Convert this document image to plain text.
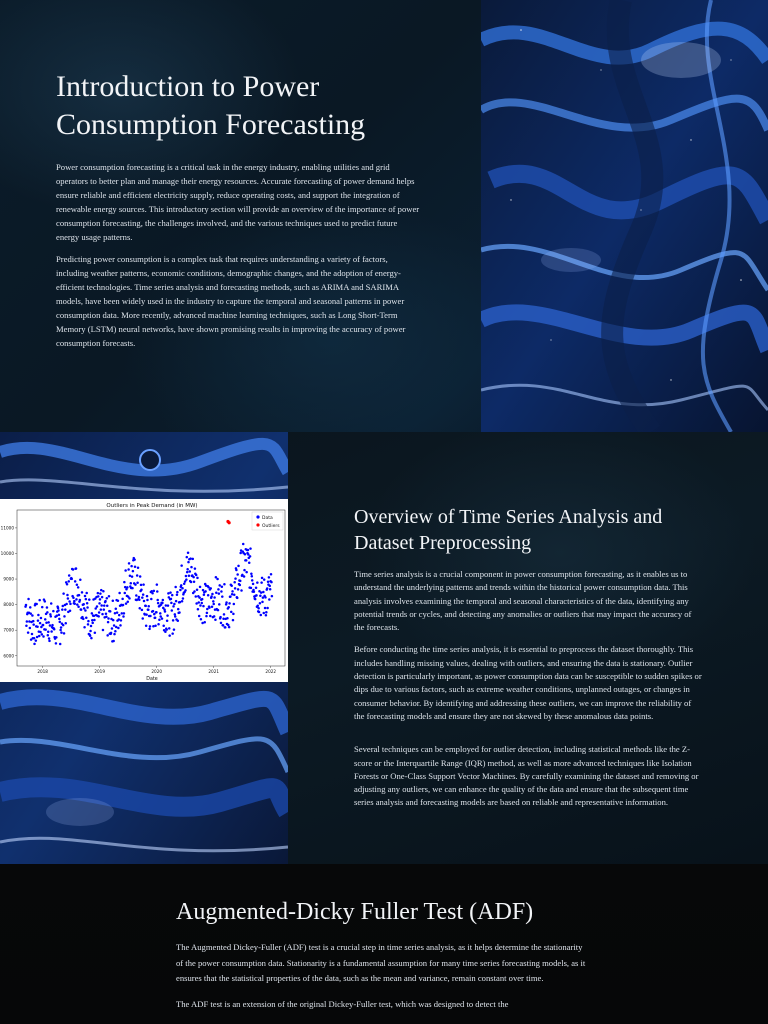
Introduction to Power Consumption Forecasting

Power consumption forecasting is a critical task in the energy industry, enabling utilities and grid operators to better plan and manage their energy resources. Accurate forecasting of power demand helps ensure reliable and efficient electricity supply, reduce operating costs, and support the integration of renewable energy sources. This introductory section will provide an overview of the importance of power consumption forecasting, the challenges involved, and the various techniques used to predict future energy usage patterns.

Predicting power consumption is a complex task that requires understanding a variety of factors, including weather patterns, economic conditions, demographic changes, and the adoption of energy-efficient technologies. Time series analysis and forecasting methods, such as ARIMA and SARIMA models, have been widely used in the industry to capture the temporal and seasonal patterns in power consumption data. More recently, advanced machine learning techniques, such as Long Short-Term Memory (LSTM) neural networks, have shown promising results in improving the accuracy of power consumption forecasts.

Outliers in Peak Demand (in MW)
6000
7000
8000
9000
10000
11000
2018	2019	2020	2021	2022
Data
Outliers
Date
Overview of Time Series Analysis and Dataset Preprocessing

Time series analysis is a crucial component in power consumption forecasting, as it enables us to understand the underlying patterns and trends within the historical power consumption data. This analysis involves examining the temporal and seasonal characteristics of the data, identifying any potential trends or cycles, and detecting any anomalies or outliers that may impact the accuracy of the forecasts.

Before conducting the time series analysis, it is essential to preprocess the dataset thoroughly. This includes handling missing values, dealing with outliers, and ensuring the data is stationary. Outlier detection is particularly important, as power consumption data can be susceptible to sudden spikes or dips due to various factors, such as extreme weather conditions, unplanned outages, or changes in consumer behavior. By identifying and addressing these outliers, we can improve the reliability of the forecasting models and ensure they are not skewed by these anomalous data points.

Several techniques can be employed for outlier detection, including statistical methods like the Z-score or the Interquartile Range (IQR) method, as well as more advanced techniques like Isolation Forests or One-Class Support Vector Machines. By carefully examining the dataset and removing or adjusting any outliers, we can enhance the quality of the data and ensure that the subsequent time series analysis and forecasting models are based on reliable and representative information.

Augmented-Dicky Fuller Test (ADF)

The Augmented Dickey-Fuller (ADF) test is a crucial step in time series analysis, as it helps determine the stationarity of the power consumption data. Stationarity is a fundamental assumption for many time series forecasting models, as it ensures that the statistical properties of the data, such as the mean and variance, remain constant over time.

The ADF test is an extension of the original Dickey-Fuller test, which was designed to detect the
